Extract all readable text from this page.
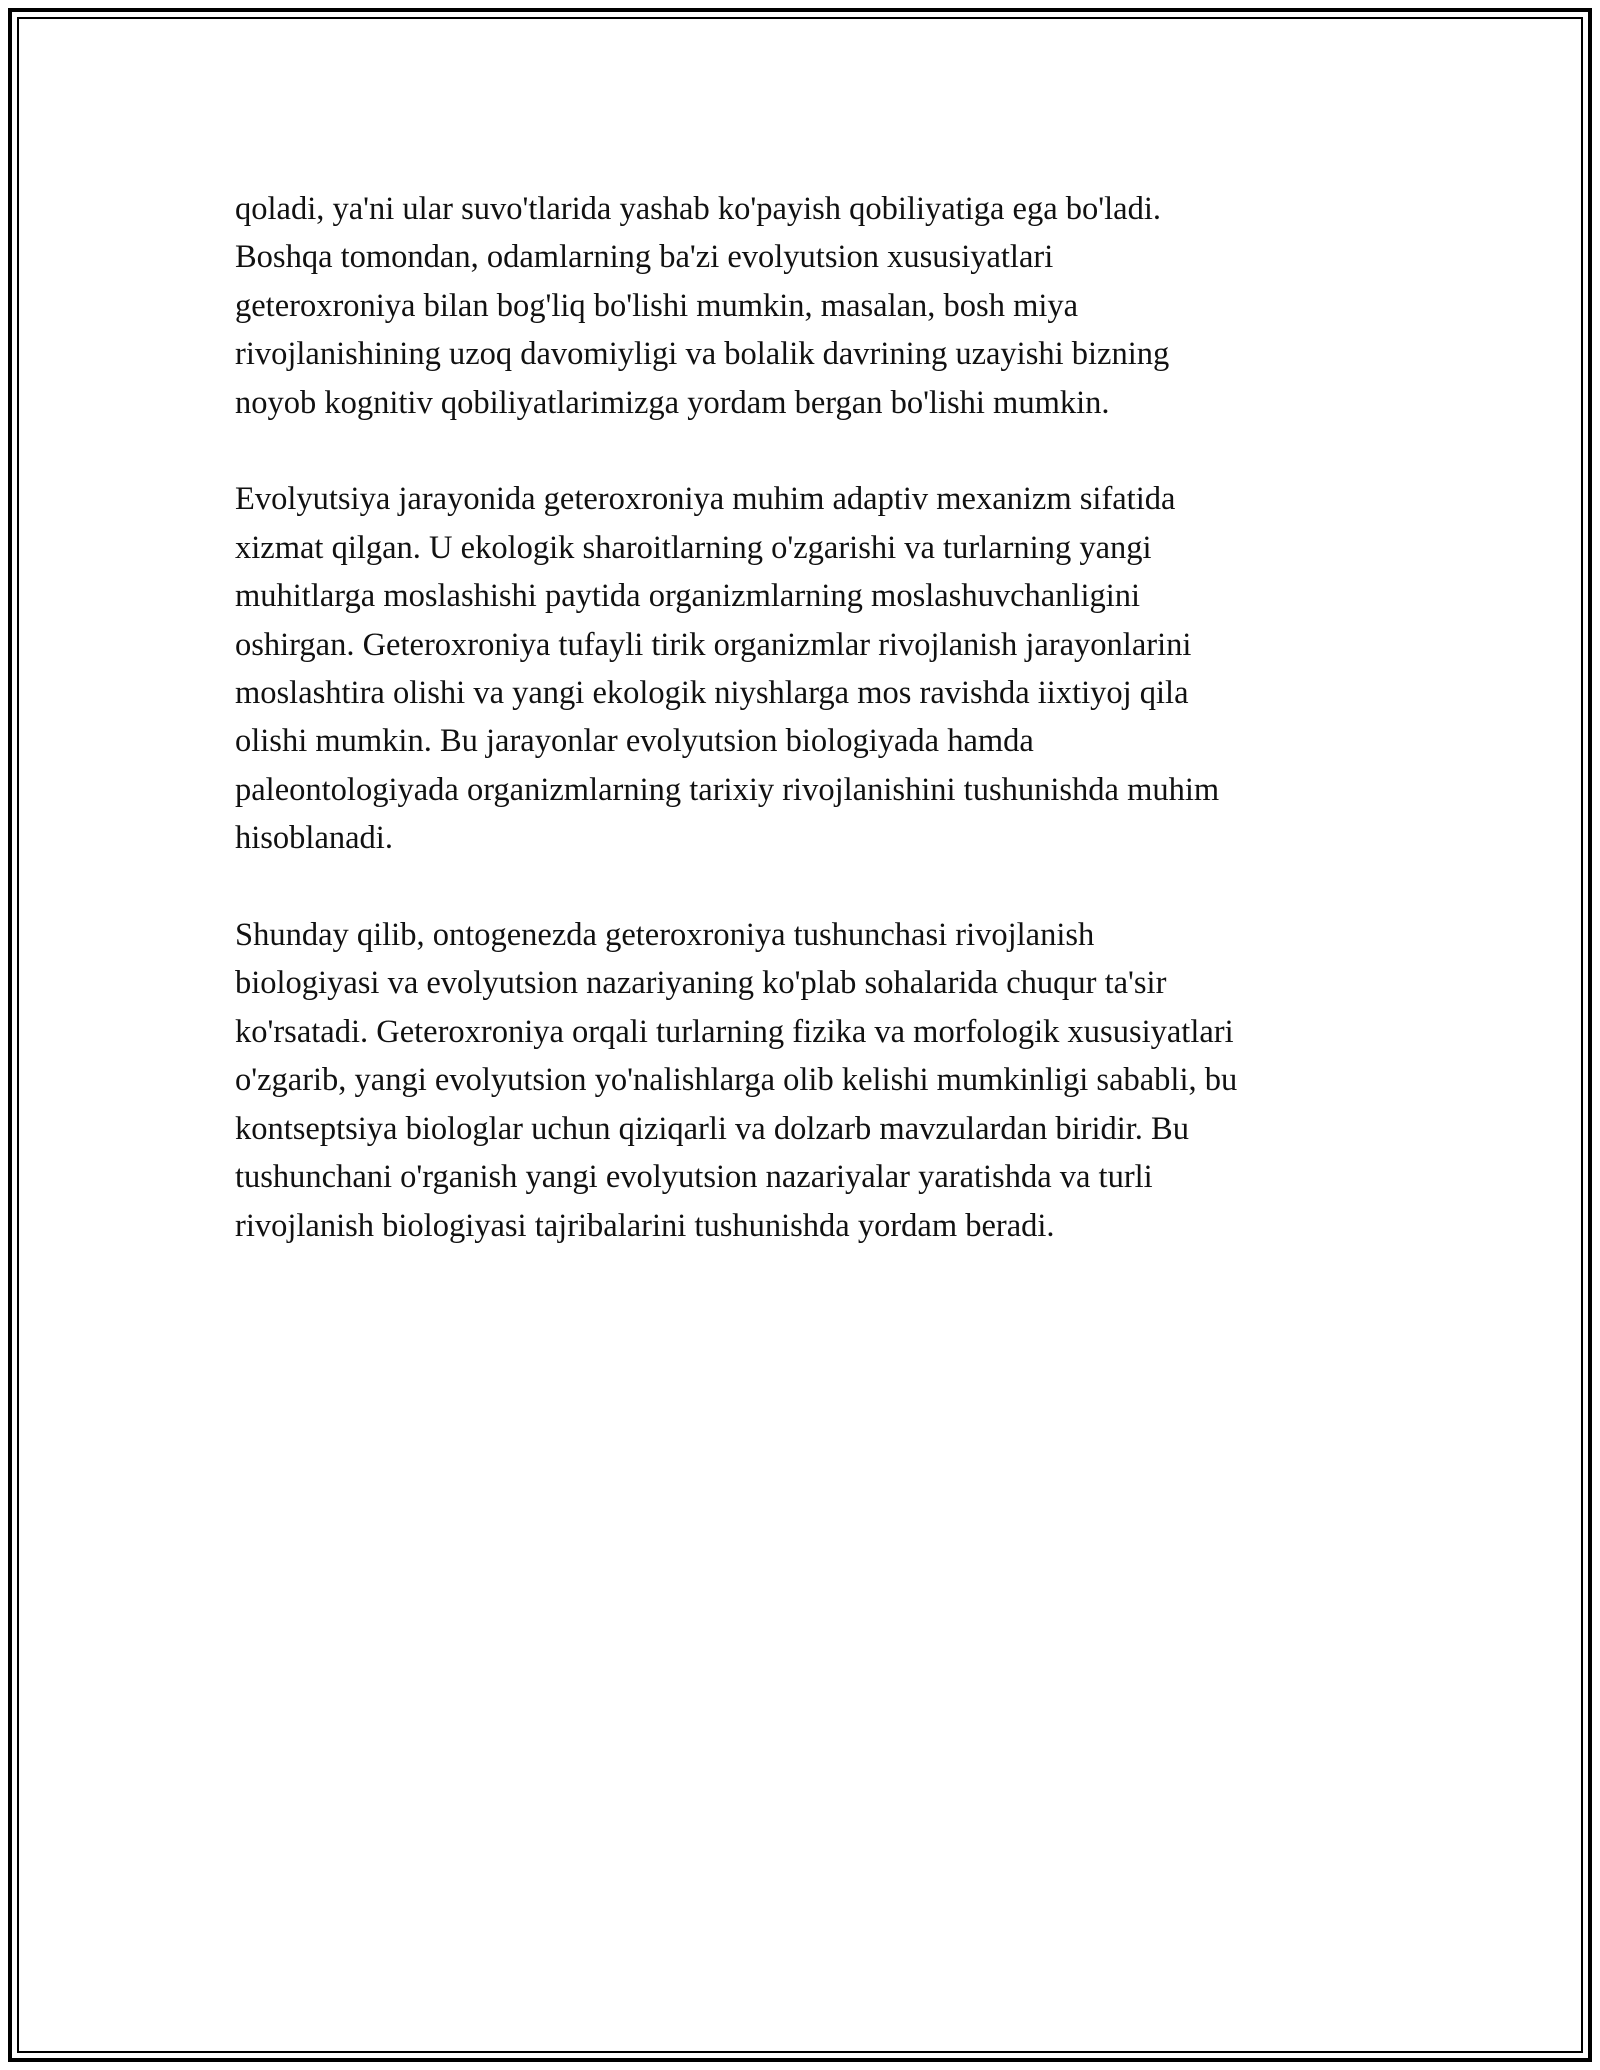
qoladi, ya'ni ular suvo'tlarida yashab ko'payish qobiliyatiga ega bo'ladi.
Boshqa tomondan, odamlarning ba'zi evolyutsion xususiyatlari
geteroxroniya bilan bog'liq bo'lishi mumkin, masalan, bosh miya
rivojlanishining uzoq davomiyligi va bolalik davrining uzayishi bizning
noyob kognitiv qobiliyatlarimizga yordam bergan bo'lishi mumkin.

Evolyutsiya jarayonida geteroxroniya muhim adaptiv mexanizm sifatida
xizmat qilgan. U ekologik sharoitlarning o'zgarishi va turlarning yangi
muhitlarga moslashishi paytida organizmlarning moslashuvchanligini
oshirgan. Geteroxroniya tufayli tirik organizmlar rivojlanish jarayonlarini
moslashtira olishi va yangi ekologik niyshlarga mos ravishda iixtiyoj qila
olishi mumkin. Bu jarayonlar evolyutsion biologiyada hamda
paleontologiyada organizmlarning tarixiy rivojlanishini tushunishda muhim
hisoblanadi.

Shunday qilib, ontogenezda geteroxroniya tushunchasi rivojlanish
biologiyasi va evolyutsion nazariyaning ko'plab sohalarida chuqur ta'sir
ko'rsatadi. Geteroxroniya orqali turlarning fizika va morfologik xususiyatlari
o'zgarib, yangi evolyutsion yo'nalishlarga olib kelishi mumkinligi sababli, bu
kontseptsiya biologlar uchun qiziqarli va dolzarb mavzulardan biridir. Bu
tushunchani o'rganish yangi evolyutsion nazariyalar yaratishda va turli
rivojlanish biologiyasi tajribalarini tushunishda yordam beradi.
